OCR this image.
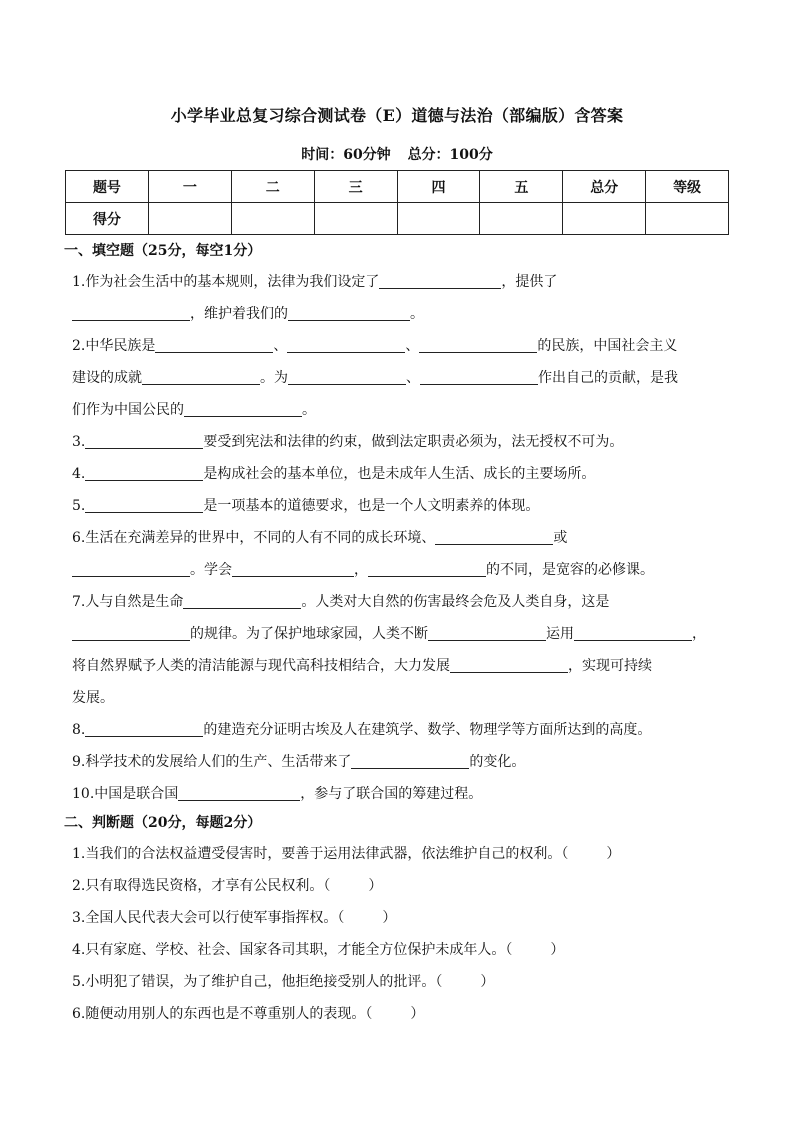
小学毕业总复习综合测试卷（E）道德与法治（部编版）含答案
时间：60分钟 总分：100分
题号	一	二	三	四	五	总分	等级
得分							
一、填空题（25分，每空1分）

1.作为社会生活中的基本规则，法律为我们设定了	，提供了
，维护着我们的	。

2.中华民族是	、	、	的民族，中国社会主义
建设的成就	。为	、	作出自己的贡献，是我
们作为中国公民的	。

3.	要受到宪法和法律的约束，做到法定职责必须为，法无授权不可为。

4.	是构成社会的基本单位，也是未成年人生活、成长的主要场所。

5.	是一项基本的道德要求，也是一个人文明素养的体现。

6.生活在充满差异的世界中，不同的人有不同的成长环境、	或
。学会	，	的不同，是宽容的必修课。

7.人与自然是生命	。人类对大自然的伤害最终会危及人类自身，这是
的规律。为了保护地球家园，人类不断	运用	，
将自然界赋予人类的清洁能源与现代高科技相结合，大力发展	，实现可持续
发展。

8.	的建造充分证明古埃及人在建筑学、数学、物理学等方面所达到的高度。

9.科学技术的发展给人们的生产、生活带来了	的变化。

10.中国是联合国	，参与了联合国的筹建过程。

二、判断题（20分，每题2分）

1.当我们的合法权益遭受侵害时，要善于运用法律武器，依法维护自己的权利。（	）

2.只有取得选民资格，才享有公民权利。（	）

3.全国人民代表大会可以行使军事指挥权。（	）

4.只有家庭、学校、社会、国家各司其职，才能全方位保护未成年人。（	）

5.小明犯了错误，为了维护自己，他拒绝接受别人的批评。（	）

6.随便动用别人的东西也是不尊重别人的表现。（	）
